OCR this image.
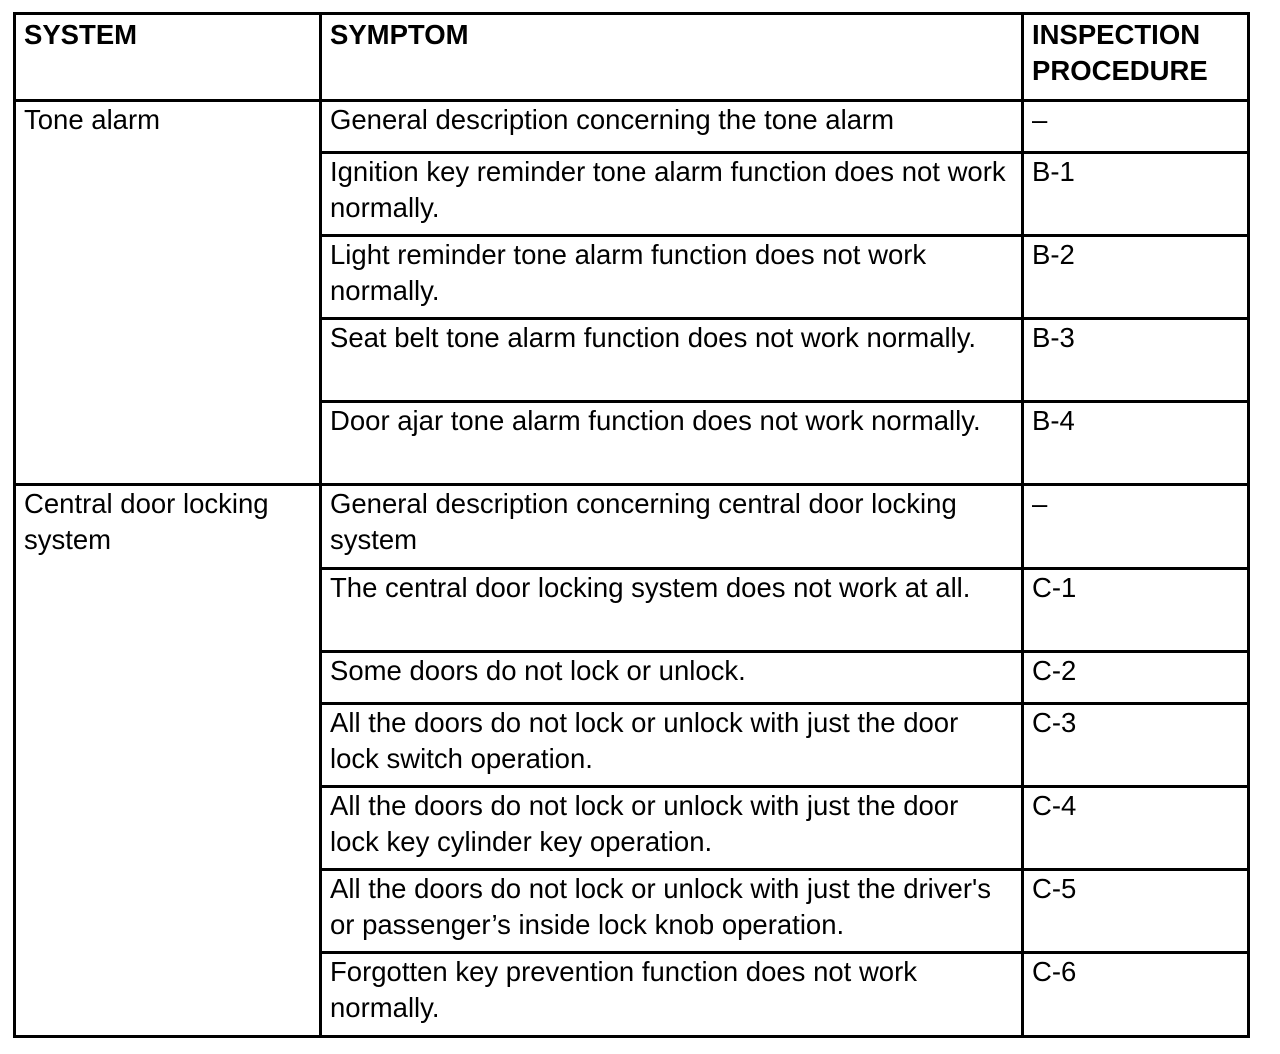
SYSTEM	SYMPTOM	INSPECTION PROCEDURE
Tone alarm	General description concerning the tone alarm	–
	Ignition key reminder tone alarm function does not work normally.	B-1
	Light reminder tone alarm function does not work normally.	B-2
	Seat belt tone alarm function does not work normally.	B-3
	Door ajar tone alarm function does not work normally.	B-4
Central door locking system	General description concerning central door locking system	–
	The central door locking system does not work at all.	C-1
	Some doors do not lock or unlock.	C-2
	All the doors do not lock or unlock with just the door lock switch operation.	C-3
	All the doors do not lock or unlock with just the door lock key cylinder key operation.	C-4
	All the doors do not lock or unlock with just the driver's or passenger’s inside lock knob operation.	C-5
	Forgotten key prevention function does not work normally.	C-6
